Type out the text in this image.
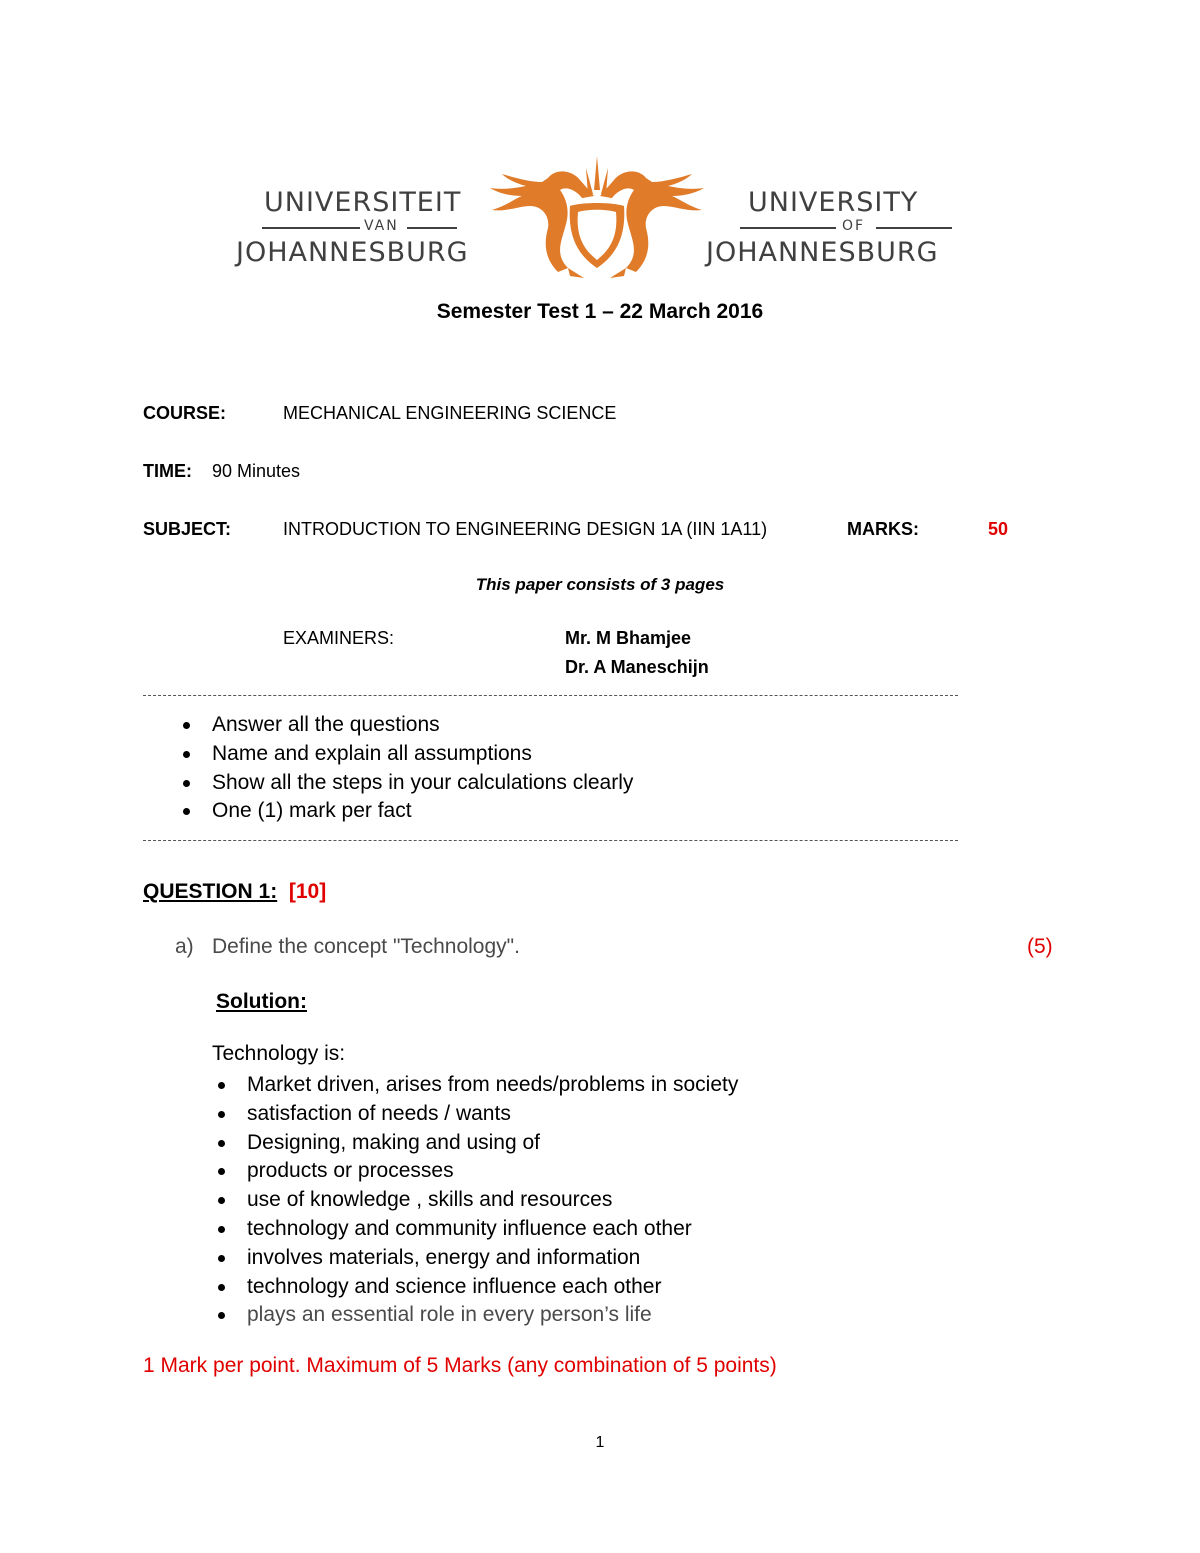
UNIVERSITEIT
VAN
JOHANNESBURG
UNIVERSITY
OF
JOHANNESBURG
Semester Test 1 – 22 March 2016
COURSE:	MECHANICAL ENGINEERING SCIENCE
TIME: 90 Minutes
SUBJECT:	INTRODUCTION TO ENGINEERING DESIGN 1A (IIN 1A11)	MARKS:	50
This paper consists of 3 pages
EXAMINERS:	Mr. M Bhamjee
Dr. A Maneschijn
Answer all the questions
Name and explain all assumptions
Show all the steps in your calculations clearly
One (1) mark per fact
QUESTION 1: [10]
a) Define the concept "Technology".	(5)
Solution:
Technology is:
Market driven, arises from needs/problems in society
satisfaction of needs / wants
Designing, making and using of
products or processes
use of knowledge , skills and resources
technology and community influence each other
involves materials, energy and information
technology and science influence each other
plays an essential role in every person’s life
1 Mark per point. Maximum of 5 Marks (any combination of 5 points)
1
